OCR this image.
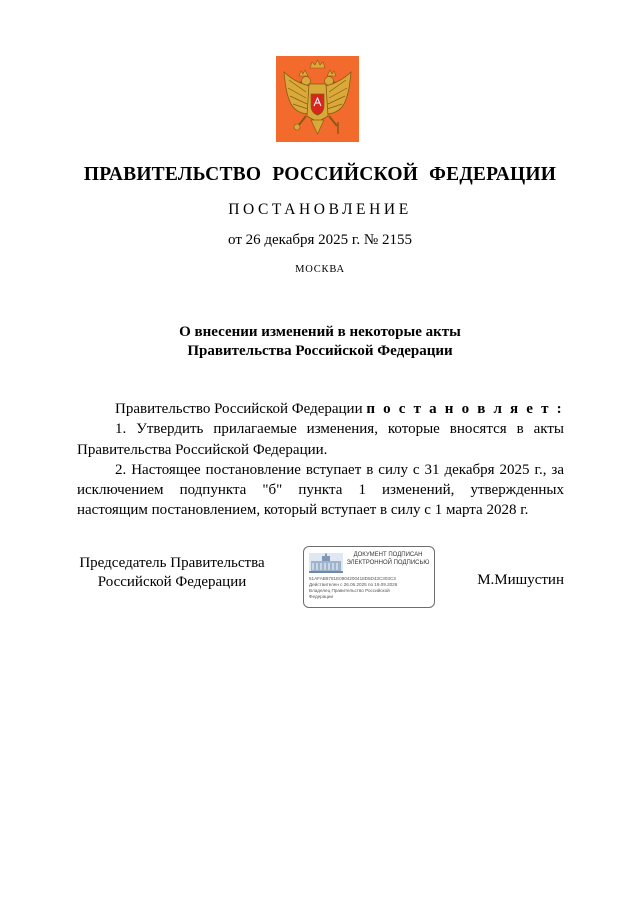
ПРАВИТЕЛЬСТВО РОССИЙСКОЙ ФЕДЕРАЦИИ
ПОСТАНОВЛЕНИЕ
от 26 декабря 2025 г. № 2155
МОСКВА
О внесении изменений в некоторые акты
Правительства Российской Федерации

Правительство Российской Федерации п о с т а н о в л я е т :

1. Утвердить прилагаемые изменения, которые вносятся в акты Правительства Российской Федерации.

2. Настоящее постановление вступает в силу с 31 декабря 2025 г., за исключением подпункта "б" пункта 1 изменений, утвержденных настоящим постановлением, который вступает в силу с 1 марта 2028 г.

Председатель Правительства
Российской Федерации
ДОКУМЕНТ ПОДПИСАН
ЭЛЕКТРОННОЙ ПОДПИСЬЮ
51AFAB8781E0904200418D5D43C303C3
Действителен с 26.06.2025 по 19.09.2026
Владелец Правительство Российской
Федерации
М.Мишустин
